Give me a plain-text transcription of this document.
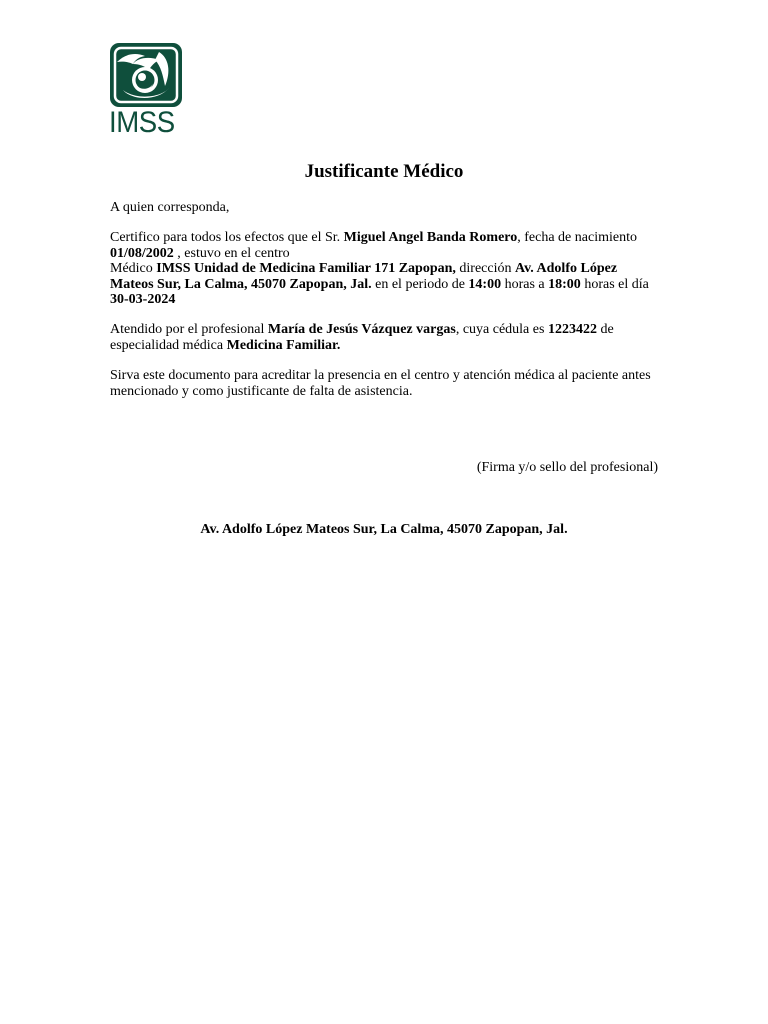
IMSS
Justificante Médico
A quien corresponda,
Certifico para todos los efectos que el Sr. Miguel Angel Banda Romero, fecha de nacimiento 01/08/2002 , estuvo en el centro
Médico IMSS Unidad de Medicina Familiar 171 Zapopan, dirección Av. Adolfo López Mateos Sur, La Calma, 45070 Zapopan, Jal. en el periodo de 14:00 horas a 18:00 horas el día 30-03-2024
Atendido por el profesional María de Jesús Vázquez vargas, cuya cédula es 1223422 de especialidad médica Medicina Familiar.
Sirva este documento para acreditar la presencia en el centro y atención médica al paciente antes mencionado y como justificante de falta de asistencia.
(Firma y/o sello del profesional)
Av. Adolfo López Mateos Sur, La Calma, 45070 Zapopan, Jal.
